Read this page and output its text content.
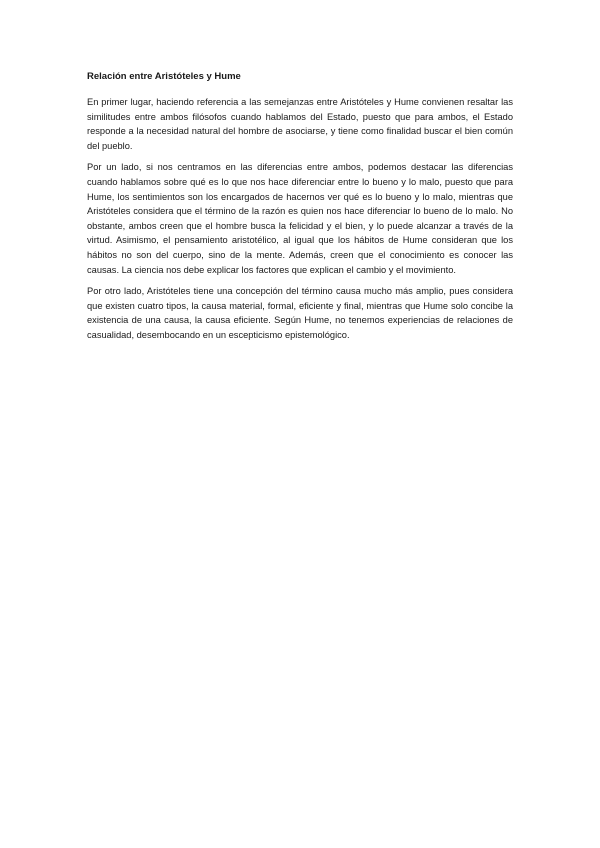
Relación entre Aristóteles y Hume

En primer lugar, haciendo referencia a las semejanzas entre Aristóteles y Hume convienen resaltar las similitudes entre ambos filósofos cuando hablamos del Estado, puesto que para ambos, el Estado responde a la necesidad natural del hombre de asociarse, y tiene como finalidad buscar el bien común del pueblo.

Por un lado, si nos centramos en las diferencias entre ambos, podemos destacar las diferencias cuando hablamos sobre qué es lo que nos hace diferenciar entre lo bueno y lo malo, puesto que para Hume, los sentimientos son los encargados de hacernos ver qué es lo bueno y lo malo, mientras que Aristóteles considera que el término de la razón es quien nos hace diferenciar lo bueno de lo malo. No obstante, ambos creen que el hombre busca la felicidad y el bien, y lo puede alcanzar a través de la virtud. Asimismo, el pensamiento aristotélico, al igual que los hábitos de Hume consideran que los hábitos no son del cuerpo, sino de la mente. Además, creen que el conocimiento es conocer las causas. La ciencia nos debe explicar los factores que explican el cambio y el movimiento.

Por otro lado, Aristóteles tiene una concepción del término causa mucho más amplio, pues considera que existen cuatro tipos, la causa material, formal, eficiente y final, mientras que Hume solo concibe la existencia de una causa, la causa eficiente. Según Hume, no tenemos experiencias de relaciones de casualidad, desembocando en un escepticismo epistemológico.
